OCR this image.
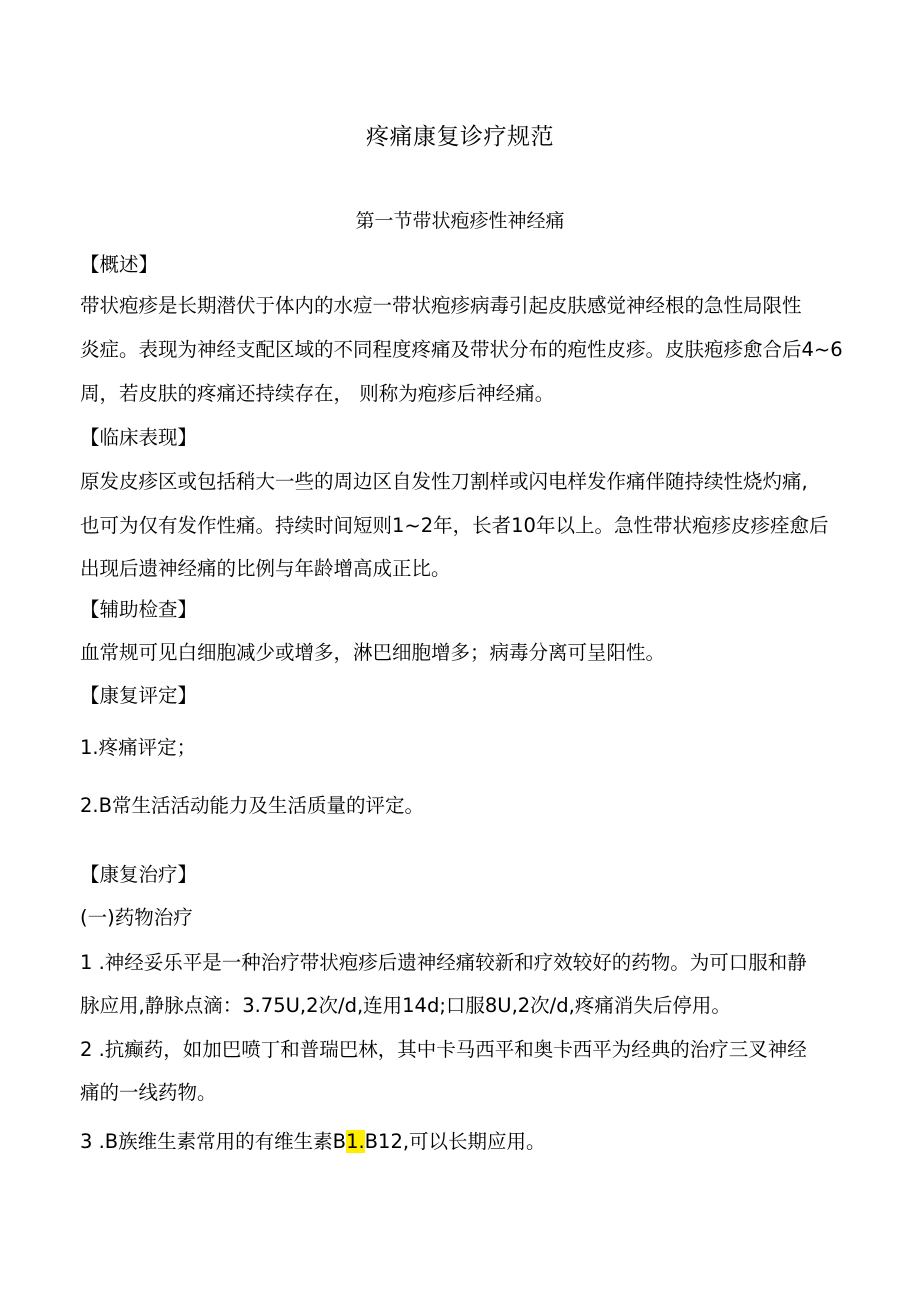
疼痛康复诊疗规范
第一节带状疱疹性神经痛
【概述】
带状疱疹是长期潜伏于体内的水痘一带状疱疹病毒引起皮肤感觉神经根的急性局限性
炎症。表现为神经支配区域的不同程度疼痛及带状分布的疱性皮疹。皮肤疱疹愈合后4~6
周，若皮肤的疼痛还持续存在， 则称为疱疹后神经痛。
【临床表现】
原发皮疹区或包括稍大一些的周边区自发性刀割样或闪电样发作痛伴随持续性烧灼痛,
也可为仅有发作性痛。持续时间短则1~2年，长者10年以上。急性带状疱疹皮疹痊愈后
出现后遗神经痛的比例与年龄增高成正比。
【辅助检查】
血常规可见白细胞减少或增多，淋巴细胞增多；病毒分离可呈阳性。
【康复评定】
1.疼痛评定；
2.B常生活活动能力及生活质量的评定。
【康复治疗】
(一)药物治疗
1 .神经妥乐平是一种治疗带状疱疹后遗神经痛较新和疗效较好的药物。为可口服和静
脉应用,静脉点滴：3.75U,2次/d,连用14d;口服8U,2次/d,疼痛消失后停用。
2 .抗癫药，如加巴喷丁和普瑞巴林，其中卡马西平和奥卡西平为经典的治疗三叉神经
痛的一线药物。
3 .B族维生素常用的有维生素B1.B12,可以长期应用。
